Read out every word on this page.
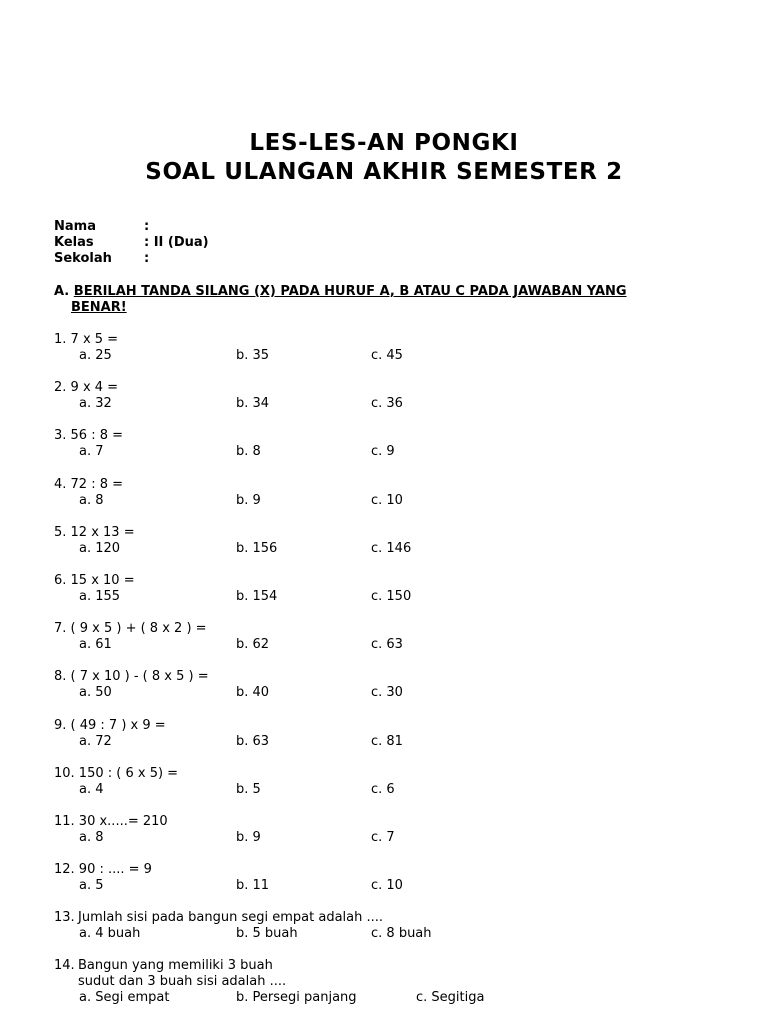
LES-LES-AN PONGKI
SOAL ULANGAN AKHIR SEMESTER 2
Nama	:
Kelas	: II (Dua)
Sekolah :
A. BERILAH TANDA SILANG (X) PADA HURUF A, B ATAU C PADA JAWABAN YANG
BENAR!
1. 7 x 5 =
a. 25	b. 35	c. 45
2. 9 x 4 =
a. 32	b. 34	c. 36
3. 56 : 8 =
a. 7	b. 8	c. 9
4. 72 : 8 =
a. 8	b. 9	c. 10
5. 12 x 13 =
a. 120	b. 156	c. 146
6. 15 x 10 =
a. 155	b. 154	c. 150
7. ( 9 x 5 ) + ( 8 x 2 ) =
a. 61	b. 62	c. 63
8. ( 7 x 10 ) - ( 8 x 5 ) =
a. 50	b. 40	c. 30
9. ( 49 : 7 ) x 9 =
a. 72	b. 63	c. 81
10. 150 : ( 6 x 5) =
a. 4	b. 5	c. 6
11. 30 x.....= 210
a. 8	b. 9	c. 7
12. 90 : .... = 9
a. 5	b. 11	c. 10
13. Jumlah sisi pada bangun segi empat adalah ....
a. 4 buah	b. 5 buah	c. 8 buah
14. Bangun yang memiliki 3 buah
sudut dan 3 buah sisi adalah ....
a. Segi empat	b. Persegi panjang	c. Segitiga
